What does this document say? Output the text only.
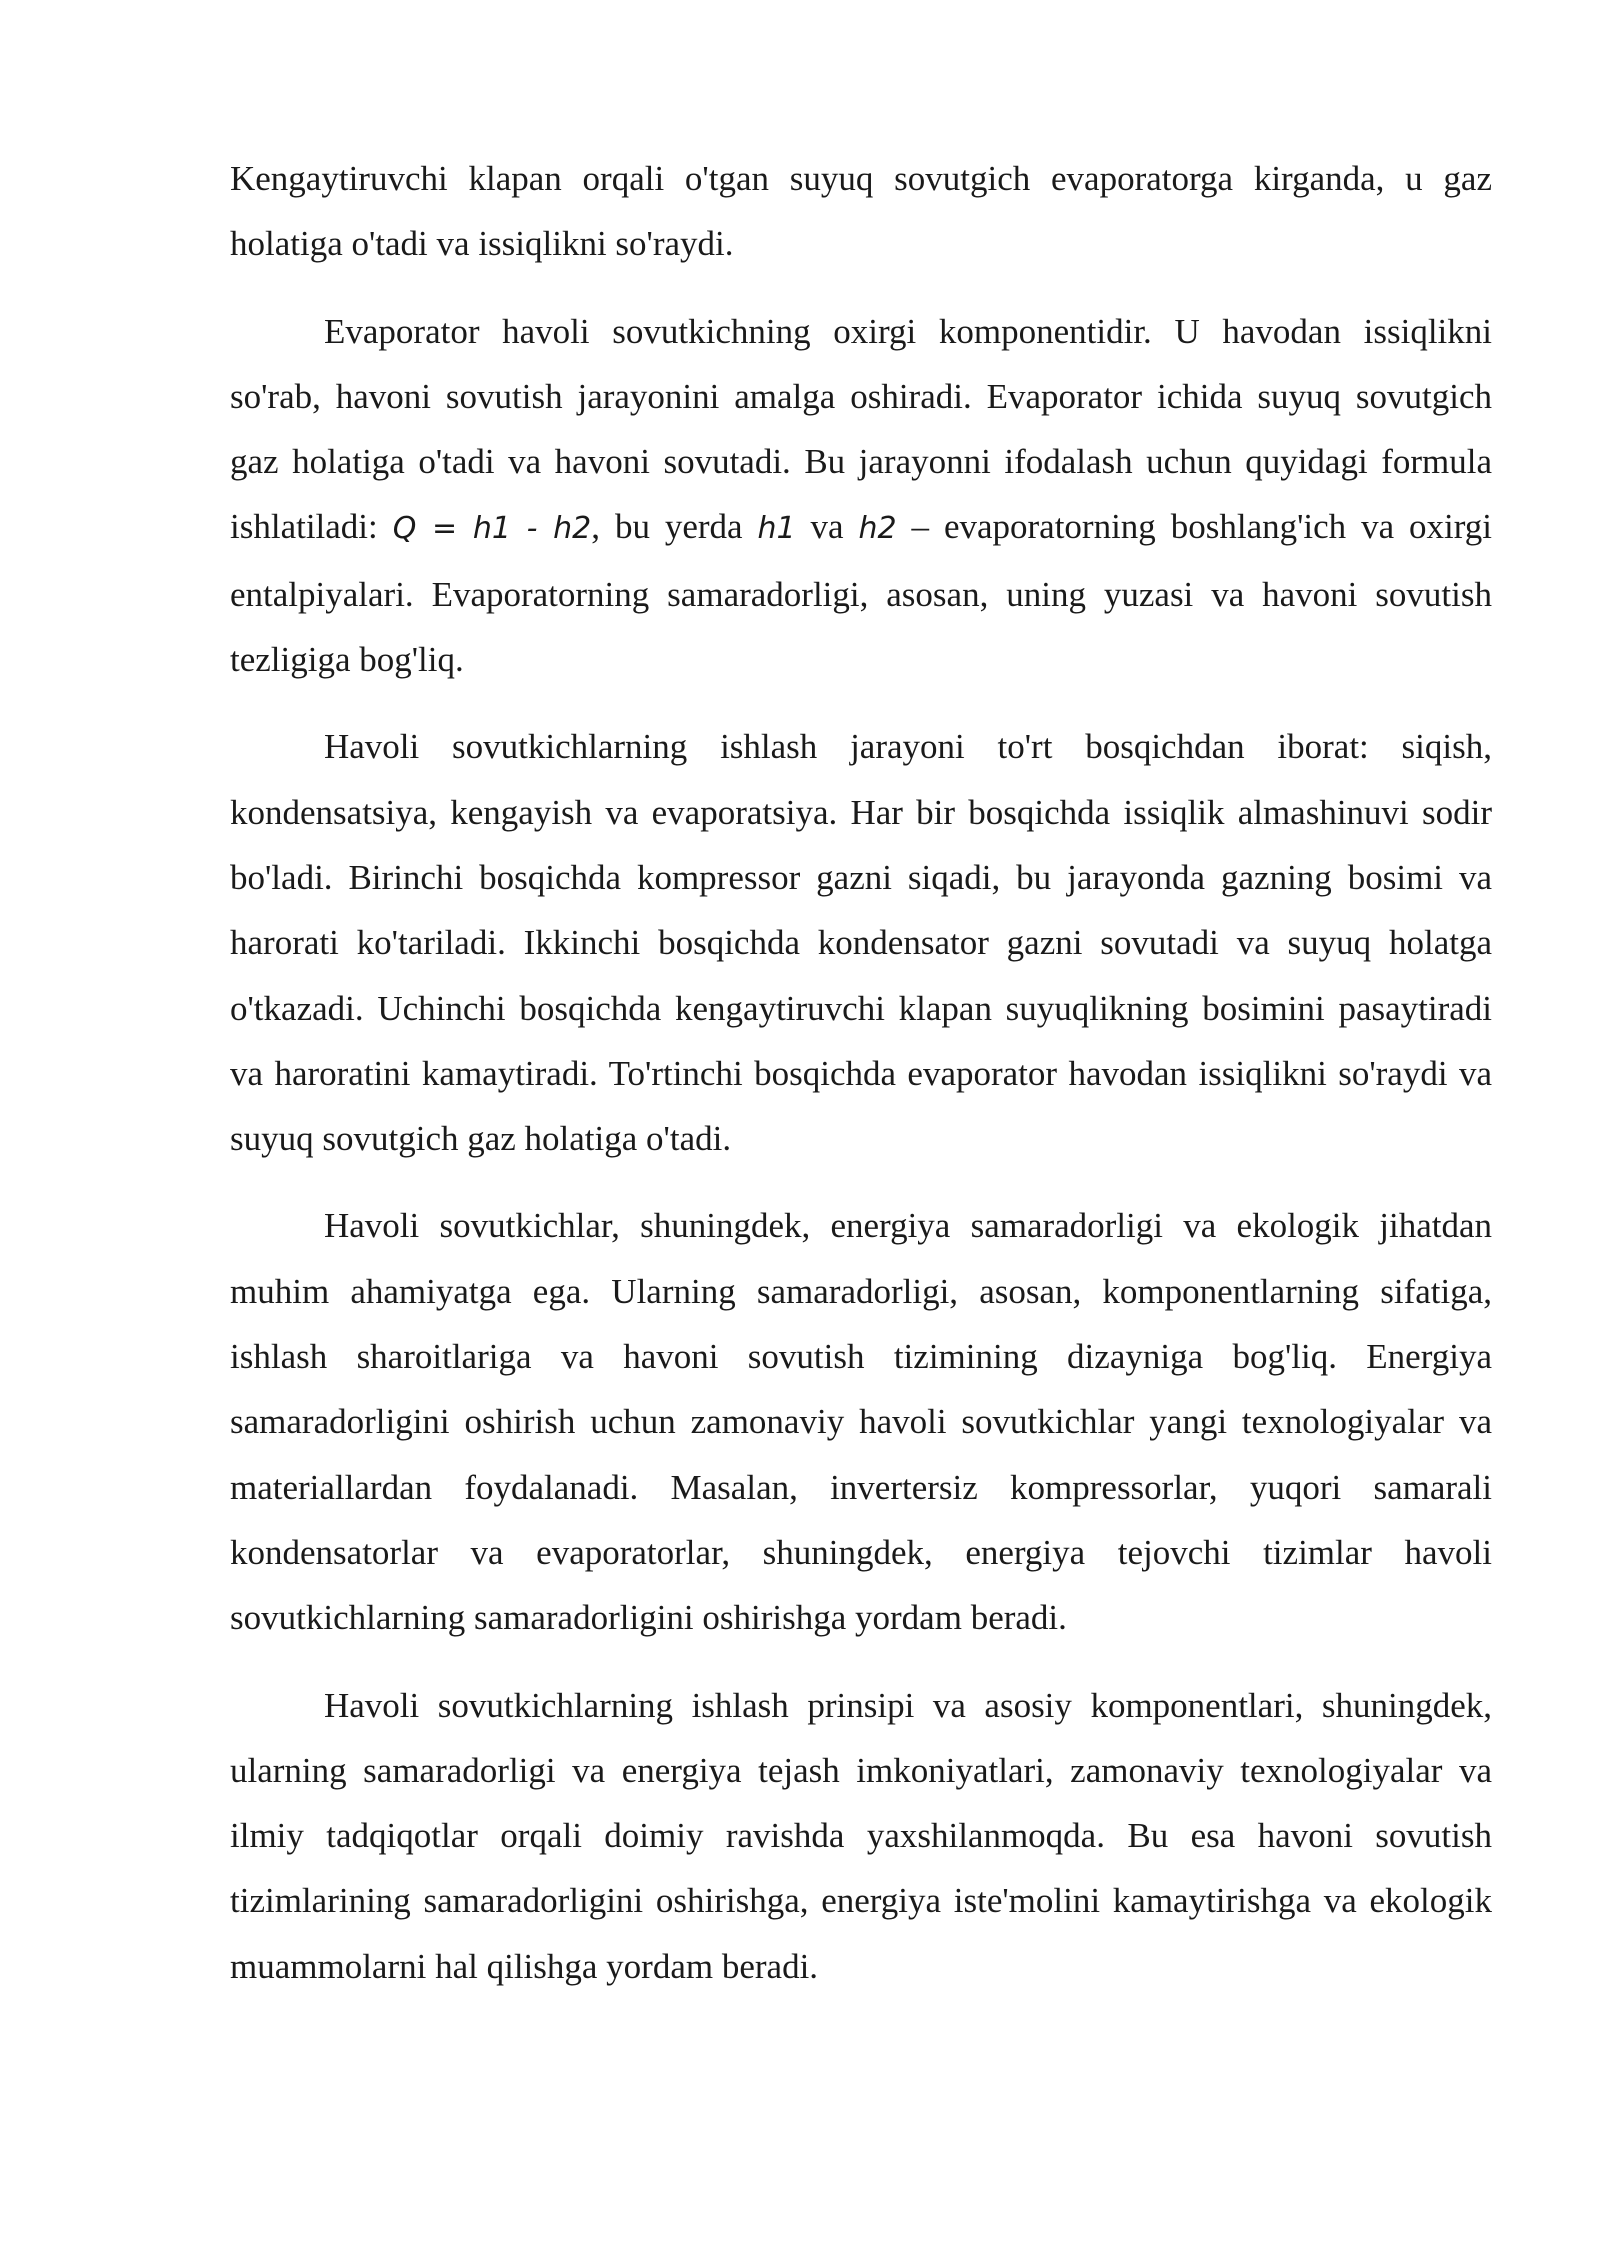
Kengaytiruvchi klapan orqali o'tgan suyuq sovutgich evaporatorga kirganda, u gaz holatiga o'tadi va issiqlikni so'raydi.

Evaporator havoli sovutkichning oxirgi komponentidir. U havodan issiqlikni so'rab, havoni sovutish jarayonini amalga oshiradi. Evaporator ichida suyuq sovutgich gaz holatiga o'tadi va havoni sovutadi. Bu jarayonni ifodalash uchun quyidagi formula ishlatiladi: Q = h1 - h2, bu yerda h1 va h2 – evaporatorning boshlang'ich va oxirgi entalpiyalari. Evaporatorning samaradorligi, asosan, uning yuzasi va havoni sovutish tezligiga bog'liq.

Havoli sovutkichlarning ishlash jarayoni to'rt bosqichdan iborat: siqish, kondensatsiya, kengayish va evaporatsiya. Har bir bosqichda issiqlik almashinuvi sodir bo'ladi. Birinchi bosqichda kompressor gazni siqadi, bu jarayonda gazning bosimi va harorati ko'tariladi. Ikkinchi bosqichda kondensator gazni sovutadi va suyuq holatga o'tkazadi. Uchinchi bosqichda kengaytiruvchi klapan suyuqlikning bosimini pasaytiradi va haroratini kamaytiradi. To'rtinchi bosqichda evaporator havodan issiqlikni so'raydi va suyuq sovutgich gaz holatiga o'tadi.

Havoli sovutkichlar, shuningdek, energiya samaradorligi va ekologik jihatdan muhim ahamiyatga ega. Ularning samaradorligi, asosan, komponentlarning sifatiga, ishlash sharoitlariga va havoni sovutish tizimining dizayniga bog'liq. Energiya samaradorligini oshirish uchun zamonaviy havoli sovutkichlar yangi texnologiyalar va materiallardan foydalanadi. Masalan, invertersiz kompressorlar, yuqori samarali kondensatorlar va evaporatorlar, shuningdek, energiya tejovchi tizimlar havoli sovutkichlarning samaradorligini oshirishga yordam beradi.

Havoli sovutkichlarning ishlash prinsipi va asosiy komponentlari, shuningdek, ularning samaradorligi va energiya tejash imkoniyatlari, zamonaviy texnologiyalar va ilmiy tadqiqotlar orqali doimiy ravishda yaxshilanmoqda. Bu esa havoni sovutish tizimlarining samaradorligini oshirishga, energiya iste'molini kamaytirishga va ekologik muammolarni hal qilishga yordam beradi.
